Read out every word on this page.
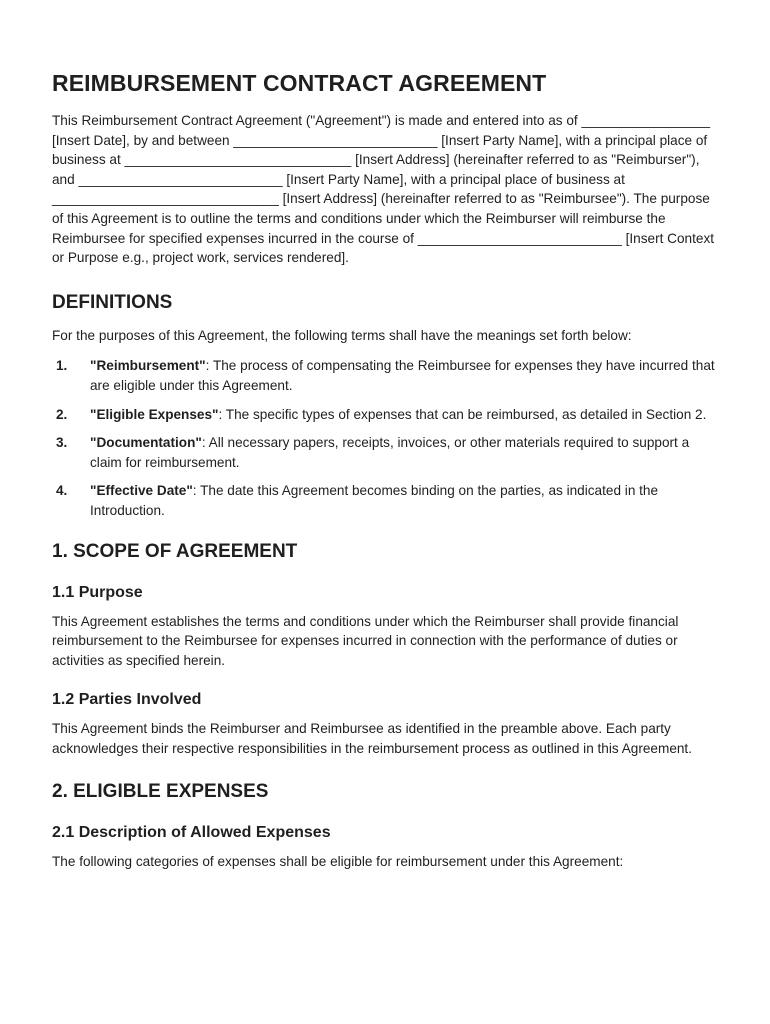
REIMBURSEMENT CONTRACT AGREEMENT

This Reimbursement Contract Agreement ("Agreement") is made and entered into as of _________________ [Insert Date], by and between ___________________________ [Insert Party Name], with a principal place of business at ______________________________ [Insert Address] (hereinafter referred to as "Reimburser"), and ___________________________ [Insert Party Name], with a principal place of business at ______________________________ [Insert Address] (hereinafter referred to as "Reimbursee"). The purpose of this Agreement is to outline the terms and conditions under which the Reimburser will reimburse the Reimbursee for specified expenses incurred in the course of ___________________________ [Insert Context or Purpose e.g., project work, services rendered].

DEFINITIONS

For the purposes of this Agreement, the following terms shall have the meanings set forth below:

1.	"Reimbursement": The process of compensating the Reimbursee for expenses they have incurred that are eligible under this Agreement.
2.	"Eligible Expenses": The specific types of expenses that can be reimbursed, as detailed in Section 2.
3.	"Documentation": All necessary papers, receipts, invoices, or other materials required to support a claim for reimbursement.
4.	"Effective Date": The date this Agreement becomes binding on the parties, as indicated in the Introduction.
1. SCOPE OF AGREEMENT
1.1 Purpose

This Agreement establishes the terms and conditions under which the Reimburser shall provide financial reimbursement to the Reimbursee for expenses incurred in connection with the performance of duties or activities as specified herein.

1.2 Parties Involved

This Agreement binds the Reimburser and Reimbursee as identified in the preamble above. Each party acknowledges their respective responsibilities in the reimbursement process as outlined in this Agreement.

2. ELIGIBLE EXPENSES
2.1 Description of Allowed Expenses

The following categories of expenses shall be eligible for reimbursement under this Agreement:
